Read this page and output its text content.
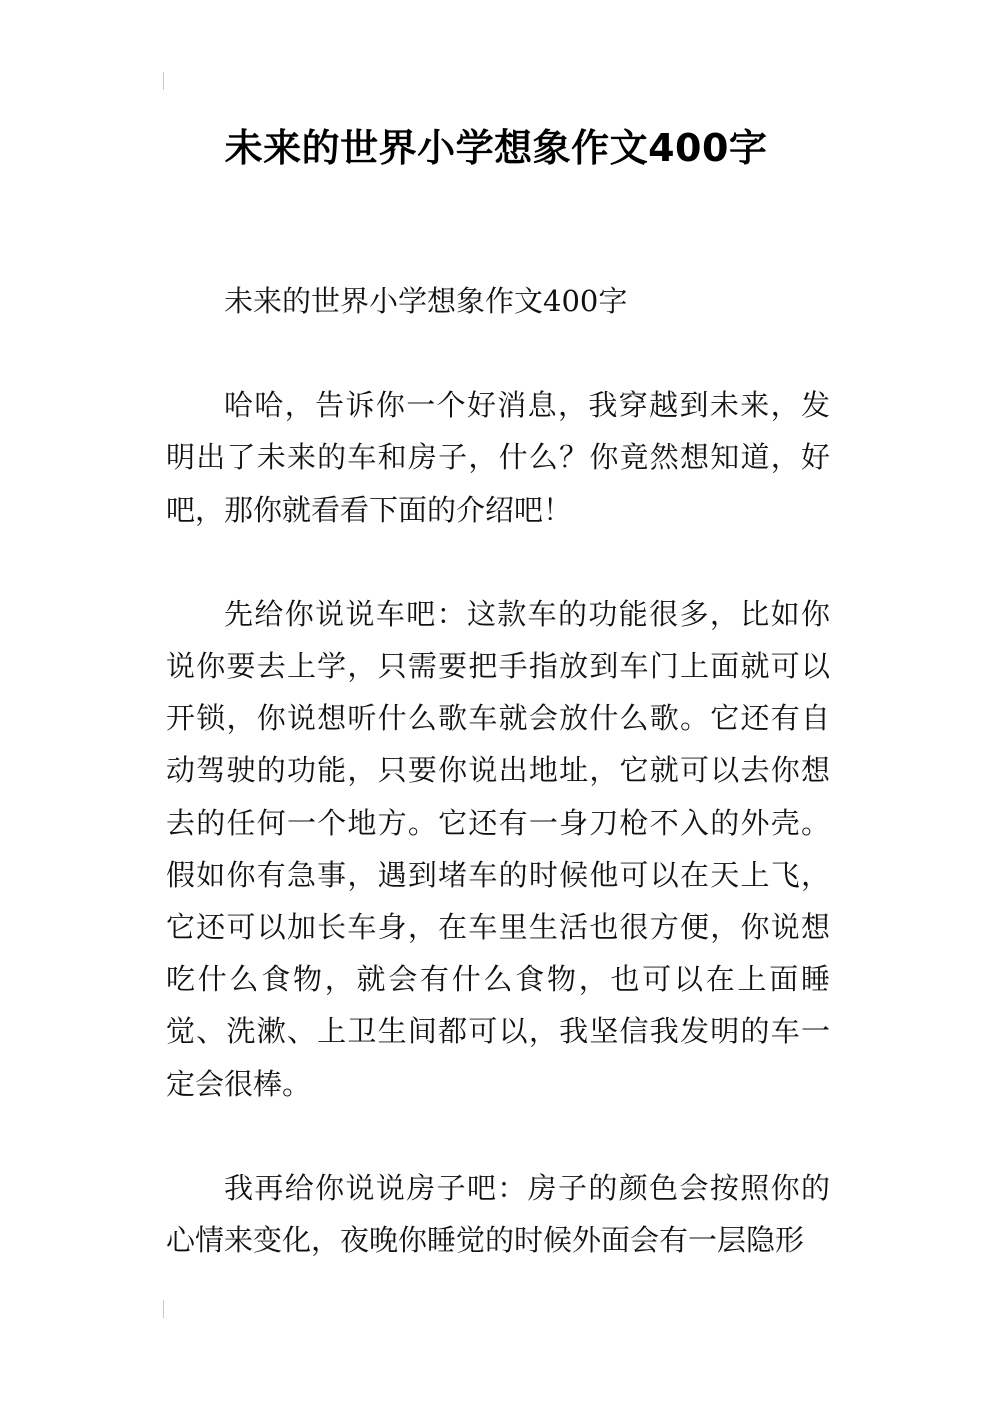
未来的世界小学想象作文400字

未来的世界小学想象作文400字

哈哈，告诉你一个好消息，我穿越到未来，发明出了未来的车和房子，什么？你竟然想知道，好吧，那你就看看下面的介绍吧！

先给你说说车吧：这款车的功能很多，比如你说你要去上学，只需要把手指放到车门上面就可以开锁，你说想听什么歌车就会放什么歌。它还有自动驾驶的功能，只要你说出地址，它就可以去你想去的任何一个地方。它还有一身刀枪不入的外壳。假如你有急事，遇到堵车的时候他可以在天上飞，它还可以加长车身，在车里生活也很方便，你说想吃什么食物，就会有什么食物，也可以在上面睡觉、洗漱、上卫生间都可以，我坚信我发明的车一定会很棒。

我再给你说说房子吧：房子的颜色会按照你的心情来变化，夜晚你睡觉的时候外面会有一层隐形
